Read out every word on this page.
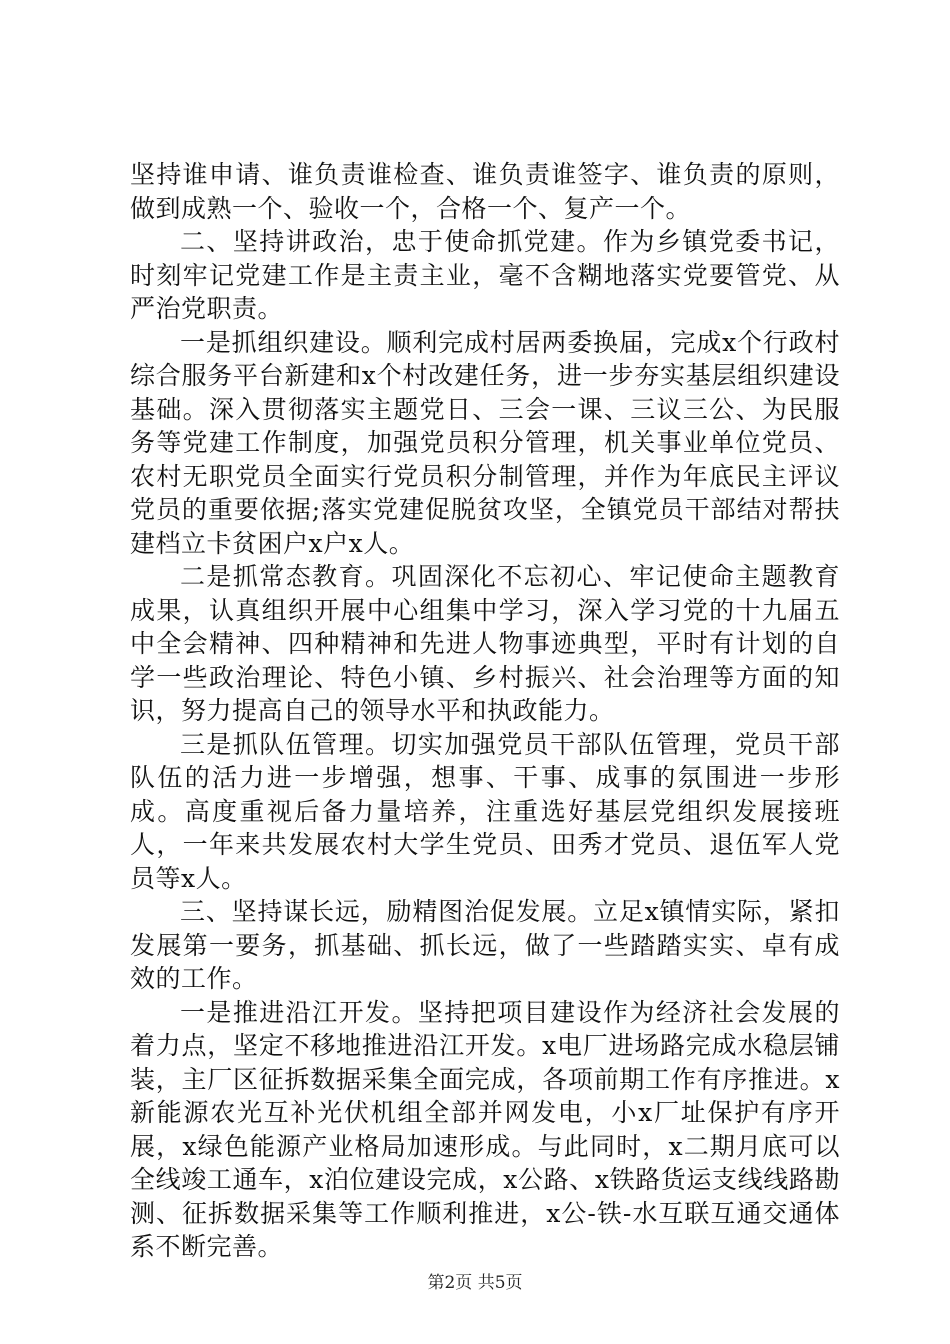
坚持谁申请、谁负责谁检查、谁负责谁签字、谁负责的原则，做到成熟一个、验收一个，合格一个、复产一个。

二、坚持讲政治，忠于使命抓党建。作为乡镇党委书记，时刻牢记党建工作是主责主业，毫不含糊地落实党要管党、从严治党职责。

一是抓组织建设。顺利完成村居两委换届，完成x个行政村综合服务平台新建和x个村改建任务，进一步夯实基层组织建设基础。深入贯彻落实主题党日、三会一课、三议三公、为民服务等党建工作制度，加强党员积分管理，机关事业单位党员、农村无职党员全面实行党员积分制管理，并作为年底民主评议党员的重要依据;落实党建促脱贫攻坚，全镇党员干部结对帮扶建档立卡贫困户x户x人。

二是抓常态教育。巩固深化不忘初心、牢记使命主题教育成果，认真组织开展中心组集中学习，深入学习党的十九届五中全会精神、四种精神和先进人物事迹典型，平时有计划的自学一些政治理论、特色小镇、乡村振兴、社会治理等方面的知识，努力提高自己的领导水平和执政能力。

三是抓队伍管理。切实加强党员干部队伍管理，党员干部队伍的活力进一步增强，想事、干事、成事的氛围进一步形成。高度重视后备力量培养，注重选好基层党组织发展接班人，一年来共发展农村大学生党员、田秀才党员、退伍军人党员等x人。

三、坚持谋长远，励精图治促发展。立足x镇情实际，紧扣发展第一要务，抓基础、抓长远，做了一些踏踏实实、卓有成效的工作。

一是推进沿江开发。坚持把项目建设作为经济社会发展的着力点，坚定不移地推进沿江开发。x电厂进场路完成水稳层铺装，主厂区征拆数据采集全面完成，各项前期工作有序推进。x新能源农光互补光伏机组全部并网发电，小x厂址保护有序开展，x绿色能源产业格局加速形成。与此同时，x二期月底可以全线竣工通车，x泊位建设完成，x公路、x铁路货运支线线路勘测、征拆数据采集等工作顺利推进，x公-铁-水互联互通交通体系不断完善。

第2页 共5页
